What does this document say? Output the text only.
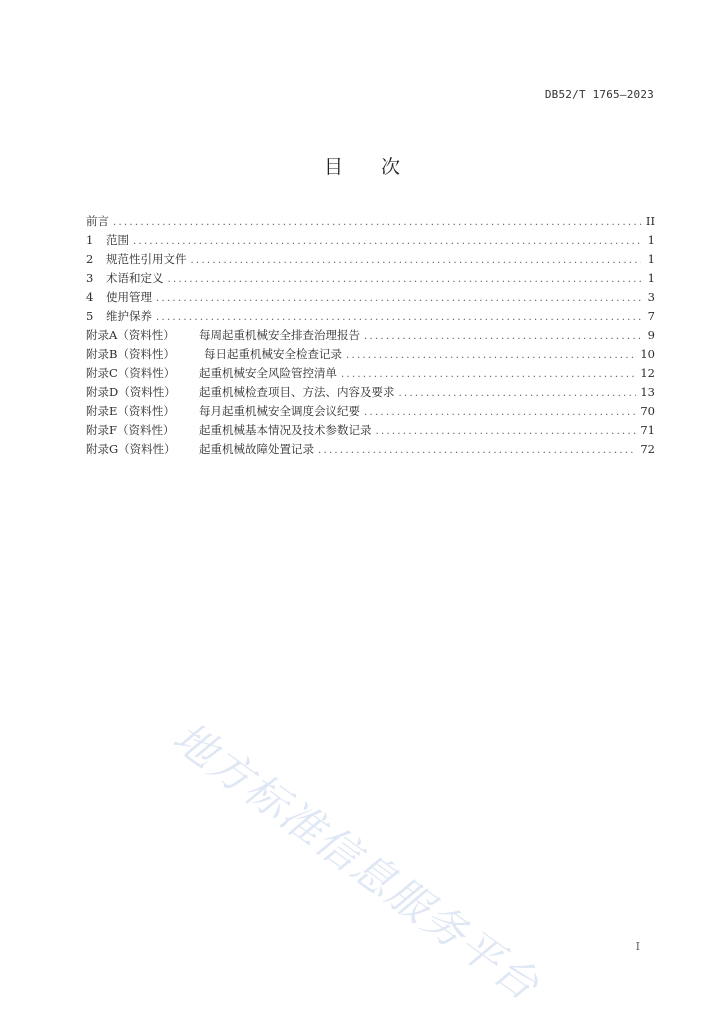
DB52/T 1765—2023
目次
前言 .....	II
1	范围 .....	1
2	规范性引用文件 .....	1
3	术语和定义 .....	1
4	使用管理 .....	3
5	维护保养 .....	7
附录A（资料性）	每周起重机械安全排查治理报告 .....	9
附录B（资料性）	每日起重机械安全检查记录 .....	10
附录C（资料性）	起重机械安全风险管控清单 .....	12
附录D（资料性）	起重机械检查项目、方法、内容及要求 .....	13
附录E（资料性）	每月起重机械安全调度会议纪要 .....	70
附录F（资料性）	起重机械基本情况及技术参数记录 .....	71
附录G（资料性）	起重机械故障处置记录 .....	72
地方标准信息服务平台	I
